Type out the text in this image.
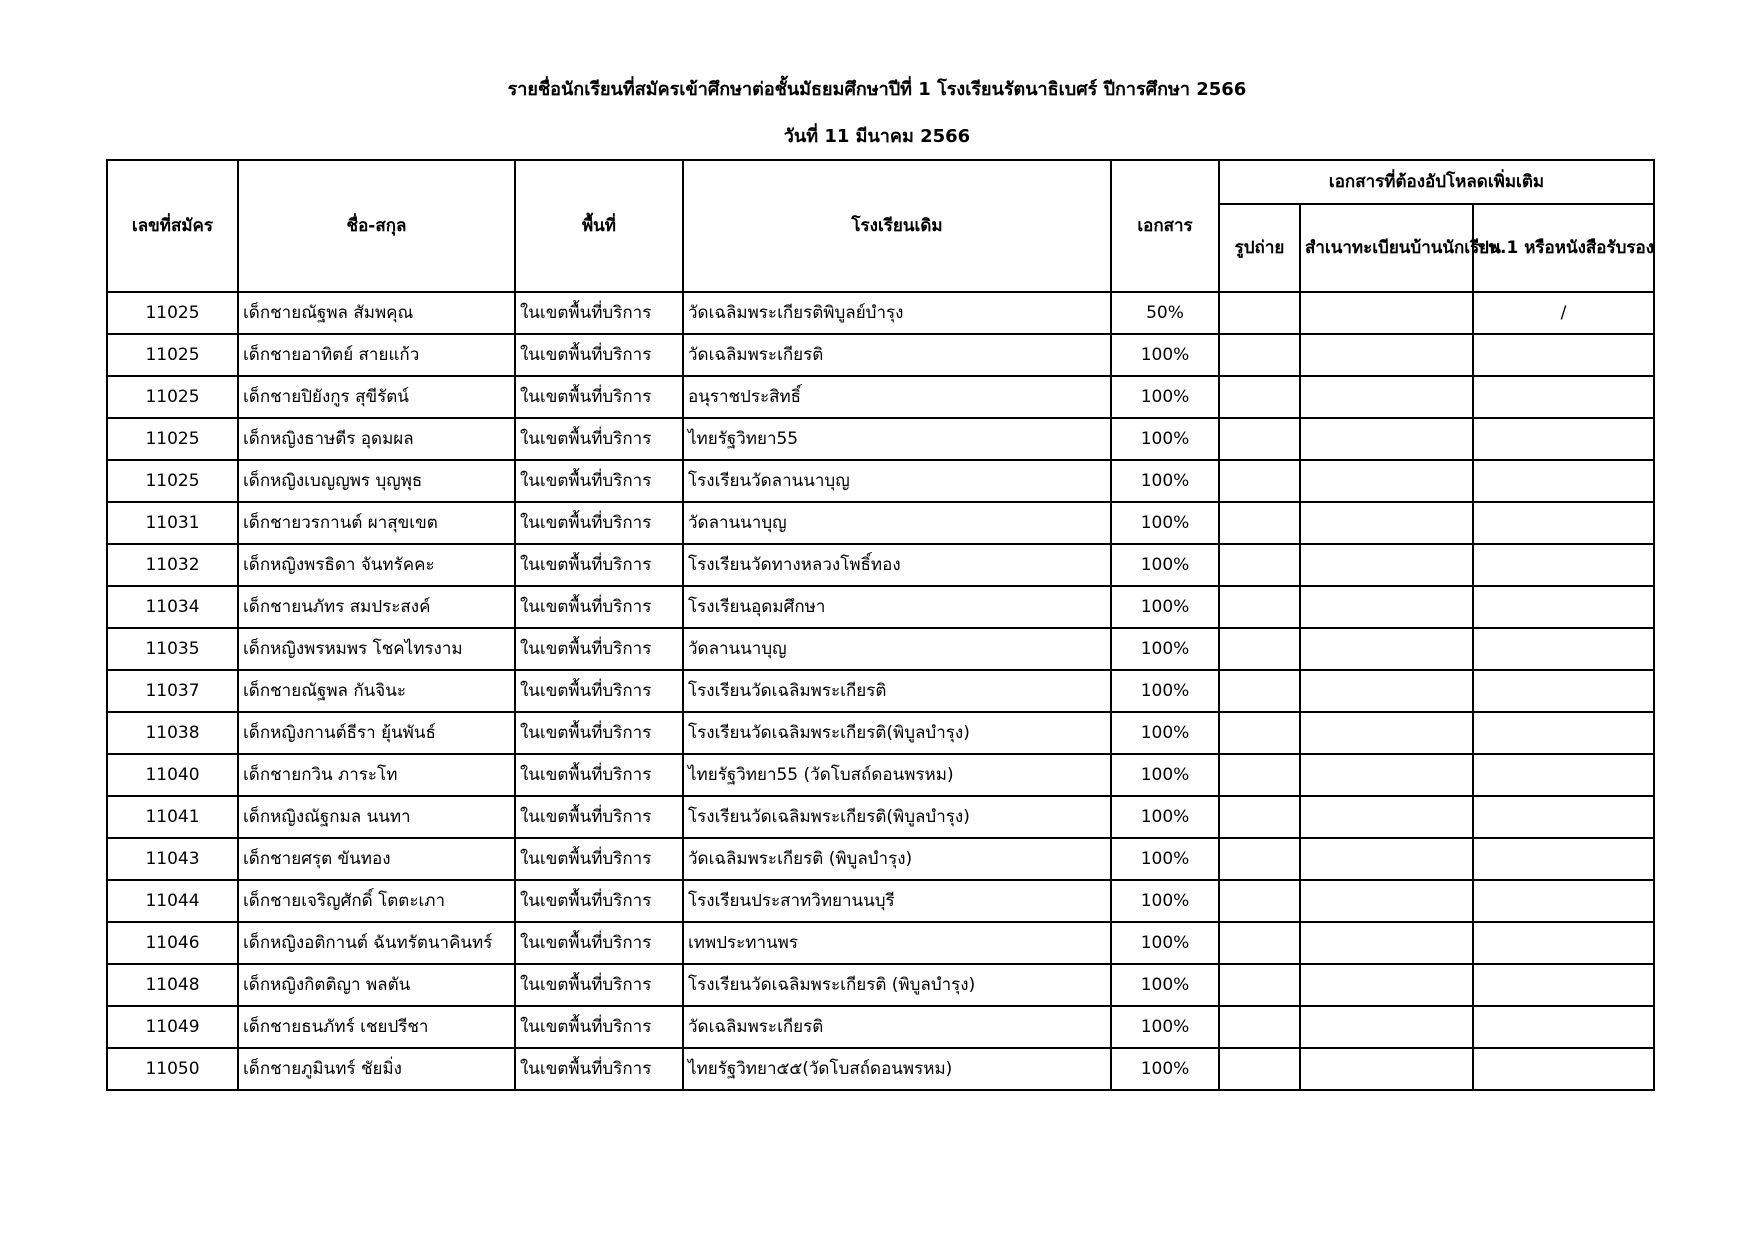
รายชื่อนักเรียนที่สมัครเข้าศึกษาต่อชั้นมัธยมศึกษาปีที่ 1 โรงเรียนรัตนาธิเบศร์ ปีการศึกษา 2566
วันที่ 11 มีนาคม 2566
เลขที่สมัคร	ชื่อ-สกุล	พื้นที่	โรงเรียนเดิม	เอกสาร	เอกสารที่ต้องอัปโหลดเพิ่มเติม		
					รูปถ่าย	สำเนาทะเบียนบ้านนักเรียน	ปพ.1 หรือหนังสือรับรอง
11025	เด็กชายณัฐพล สัมพคุณ	ในเขตพื้นที่บริการ	วัดเฉลิมพระเกียรติพิบูลย์บำรุง	50%			/
11025	เด็กชายอาทิตย์ สายแก้ว	ในเขตพื้นที่บริการ	วัดเฉลิมพระเกียรติ	100%			
11025	เด็กชายปิยังกูร สุขีรัตน์	ในเขตพื้นที่บริการ	อนุราชประสิทธิ์	100%			
11025	เด็กหญิงธาษตีร อุดมผล	ในเขตพื้นที่บริการ	ไทยรัฐวิทยา55	100%			
11025	เด็กหญิงเบญญพร บุญพุธ	ในเขตพื้นที่บริการ	โรงเรียนวัดลานนาบุญ	100%			
11031	เด็กชายวรกานต์ ผาสุขเขต	ในเขตพื้นที่บริการ	วัดลานนาบุญ	100%			
11032	เด็กหญิงพรธิดา จันทรัคคะ	ในเขตพื้นที่บริการ	โรงเรียนวัดทางหลวงโพธิ์ทอง	100%			
11034	เด็กชายนภัทร สมประสงค์	ในเขตพื้นที่บริการ	โรงเรียนอุดมศึกษา	100%			
11035	เด็กหญิงพรหมพร โชคไทรงาม	ในเขตพื้นที่บริการ	วัดลานนาบุญ	100%			
11037	เด็กชายณัฐพล กันจินะ	ในเขตพื้นที่บริการ	โรงเรียนวัดเฉลิมพระเกียรติ	100%			
11038	เด็กหญิงกานต์ธีรา ยุ้นพันธ์	ในเขตพื้นที่บริการ	โรงเรียนวัดเฉลิมพระเกียรติ(พิบูลบำรุง)	100%			
11040	เด็กชายกวิน ภาระโท	ในเขตพื้นที่บริการ	ไทยรัฐวิทยา55 (วัดโบสถ์ดอนพรหม)	100%			
11041	เด็กหญิงณัฐกมล นนทา	ในเขตพื้นที่บริการ	โรงเรียนวัดเฉลิมพระเกียรติ(พิบูลบำรุง)	100%			
11043	เด็กชายศรุต ขันทอง	ในเขตพื้นที่บริการ	วัดเฉลิมพระเกียรติ (พิบูลบำรุง)	100%			
11044	เด็กชายเจริญศักดิ์ โตตะเภา	ในเขตพื้นที่บริการ	โรงเรียนประสาทวิทยานนบุรี	100%			
11046	เด็กหญิงอติกานต์ ฉันทรัตนาคินทร์	ในเขตพื้นที่บริการ	เทพประทานพร	100%			
11048	เด็กหญิงกิตติญา พลตัน	ในเขตพื้นที่บริการ	โรงเรียนวัดเฉลิมพระเกียรติ (พิบูลบำรุง)	100%			
11049	เด็กชายธนภัทร์ เชยปรีชา	ในเขตพื้นที่บริการ	วัดเฉลิมพระเกียรติ	100%			
11050	เด็กชายภูมินทร์ ชัยมิ่ง	ในเขตพื้นที่บริการ	ไทยรัฐวิทยา๕๕(วัดโบสถ์ดอนพรหม)	100%			
